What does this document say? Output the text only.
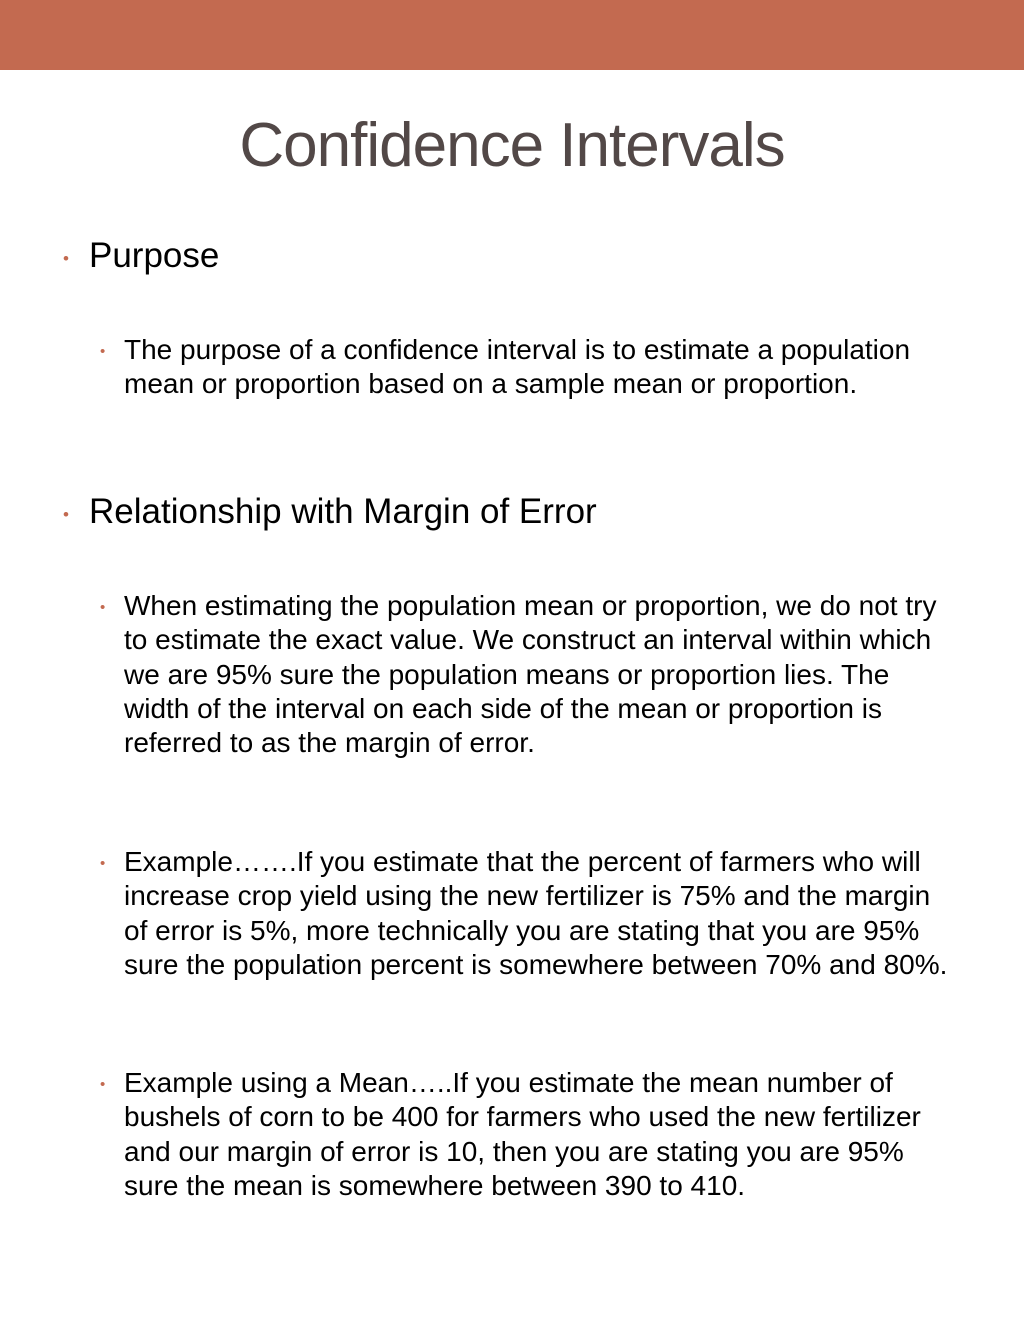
Confidence Intervals
• Purpose
• The purpose of a confidence interval is to estimate a population mean or proportion based on a sample mean or proportion.
• Relationship with Margin of Error
• When estimating the population mean or proportion, we do not try to estimate the exact value. We construct an interval within which we are 95% sure the population means or proportion lies. The width of the interval on each side of the mean or proportion is referred to as the margin of error.
• Example…….If you estimate that the percent of farmers who will increase crop yield using the new fertilizer is 75% and the margin of error is 5%, more technically you are stating that you are 95% sure the population percent is somewhere between 70% and 80%.
• Example using a Mean…..If you estimate the mean number of bushels of corn to be 400 for farmers who used the new fertilizer and our margin of error is 10, then you are stating you are 95% sure the mean is somewhere between 390 to 410.
